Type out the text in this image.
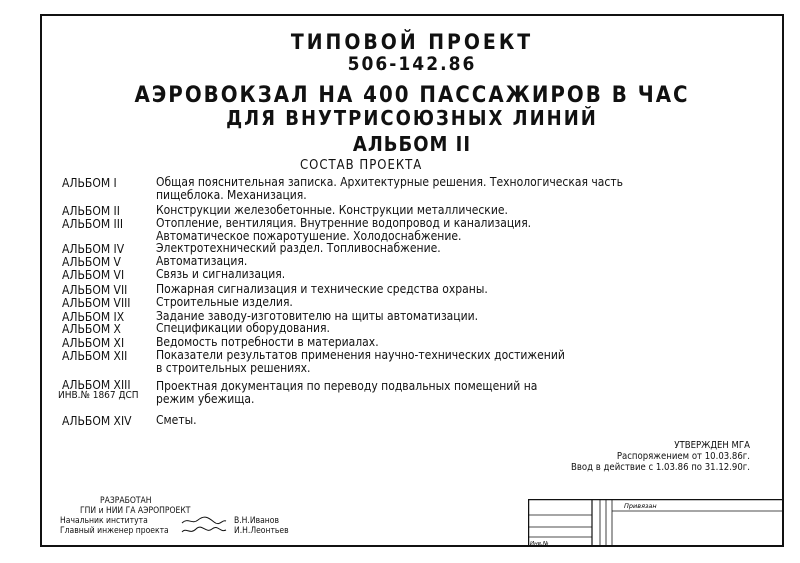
ТИПОВОЙ ПРОЕКТ
506-142.86
АЭРОВОКЗАЛ НА 400 ПАССАЖИРОВ В ЧАС
ДЛЯ ВНУТРИСОЮЗНЫХ ЛИНИЙ
АЛЬБОМ II
СОСТАВ ПРОЕКТА
АЛЬБОМ I	Общая пояснительная записка. Архитектурные решения. Технологическая часть
пищеблока. Механизация.
АЛЬБОМ II	Конструкции железобетонные. Конструкции металлические.
АЛЬБОМ III	Отопление, вентиляция. Внутренние водопровод и канализация.
Автоматическое пожаротушение. Холодоснабжение.
АЛЬБОМ IV	Электротехнический раздел. Топливоснабжение.
АЛЬБОМ V	Автоматизация.
АЛЬБОМ VI	Связь и сигнализация.
АЛЬБОМ VII Пожарная сигнализация и технические средства охраны.
АЛЬБОМ VIII Строительные изделия.
АЛЬБОМ IX	Задание заводу-изготовителю на щиты автоматизации.
АЛЬБОМ X	Спецификации оборудования.
АЛЬБОМ XI	Ведомость потребности в материалах.
АЛЬБОМ XII Показатели результатов применения научно-технических достижений
в строительных решениях.
АЛЬБОМ XIII Проектная документация по переводу подвальных помещений на
режим убежища.
АЛЬБОМ XIV Сметы.
ИНВ.№ 1867 ДСП
УТВЕРЖДЕН МГА
Распоряжением от 10.03.86г.
Ввод в действие с 1.03.86 по 31.12.90г.
РАЗРАБОТАН
ГПИ и НИИ ГА АЭРОПРОЕКТ
Начальник института	В.Н.Иванов
Главный инженер проекта	И.Н.Леонтьев
Привязан
Инв.№
